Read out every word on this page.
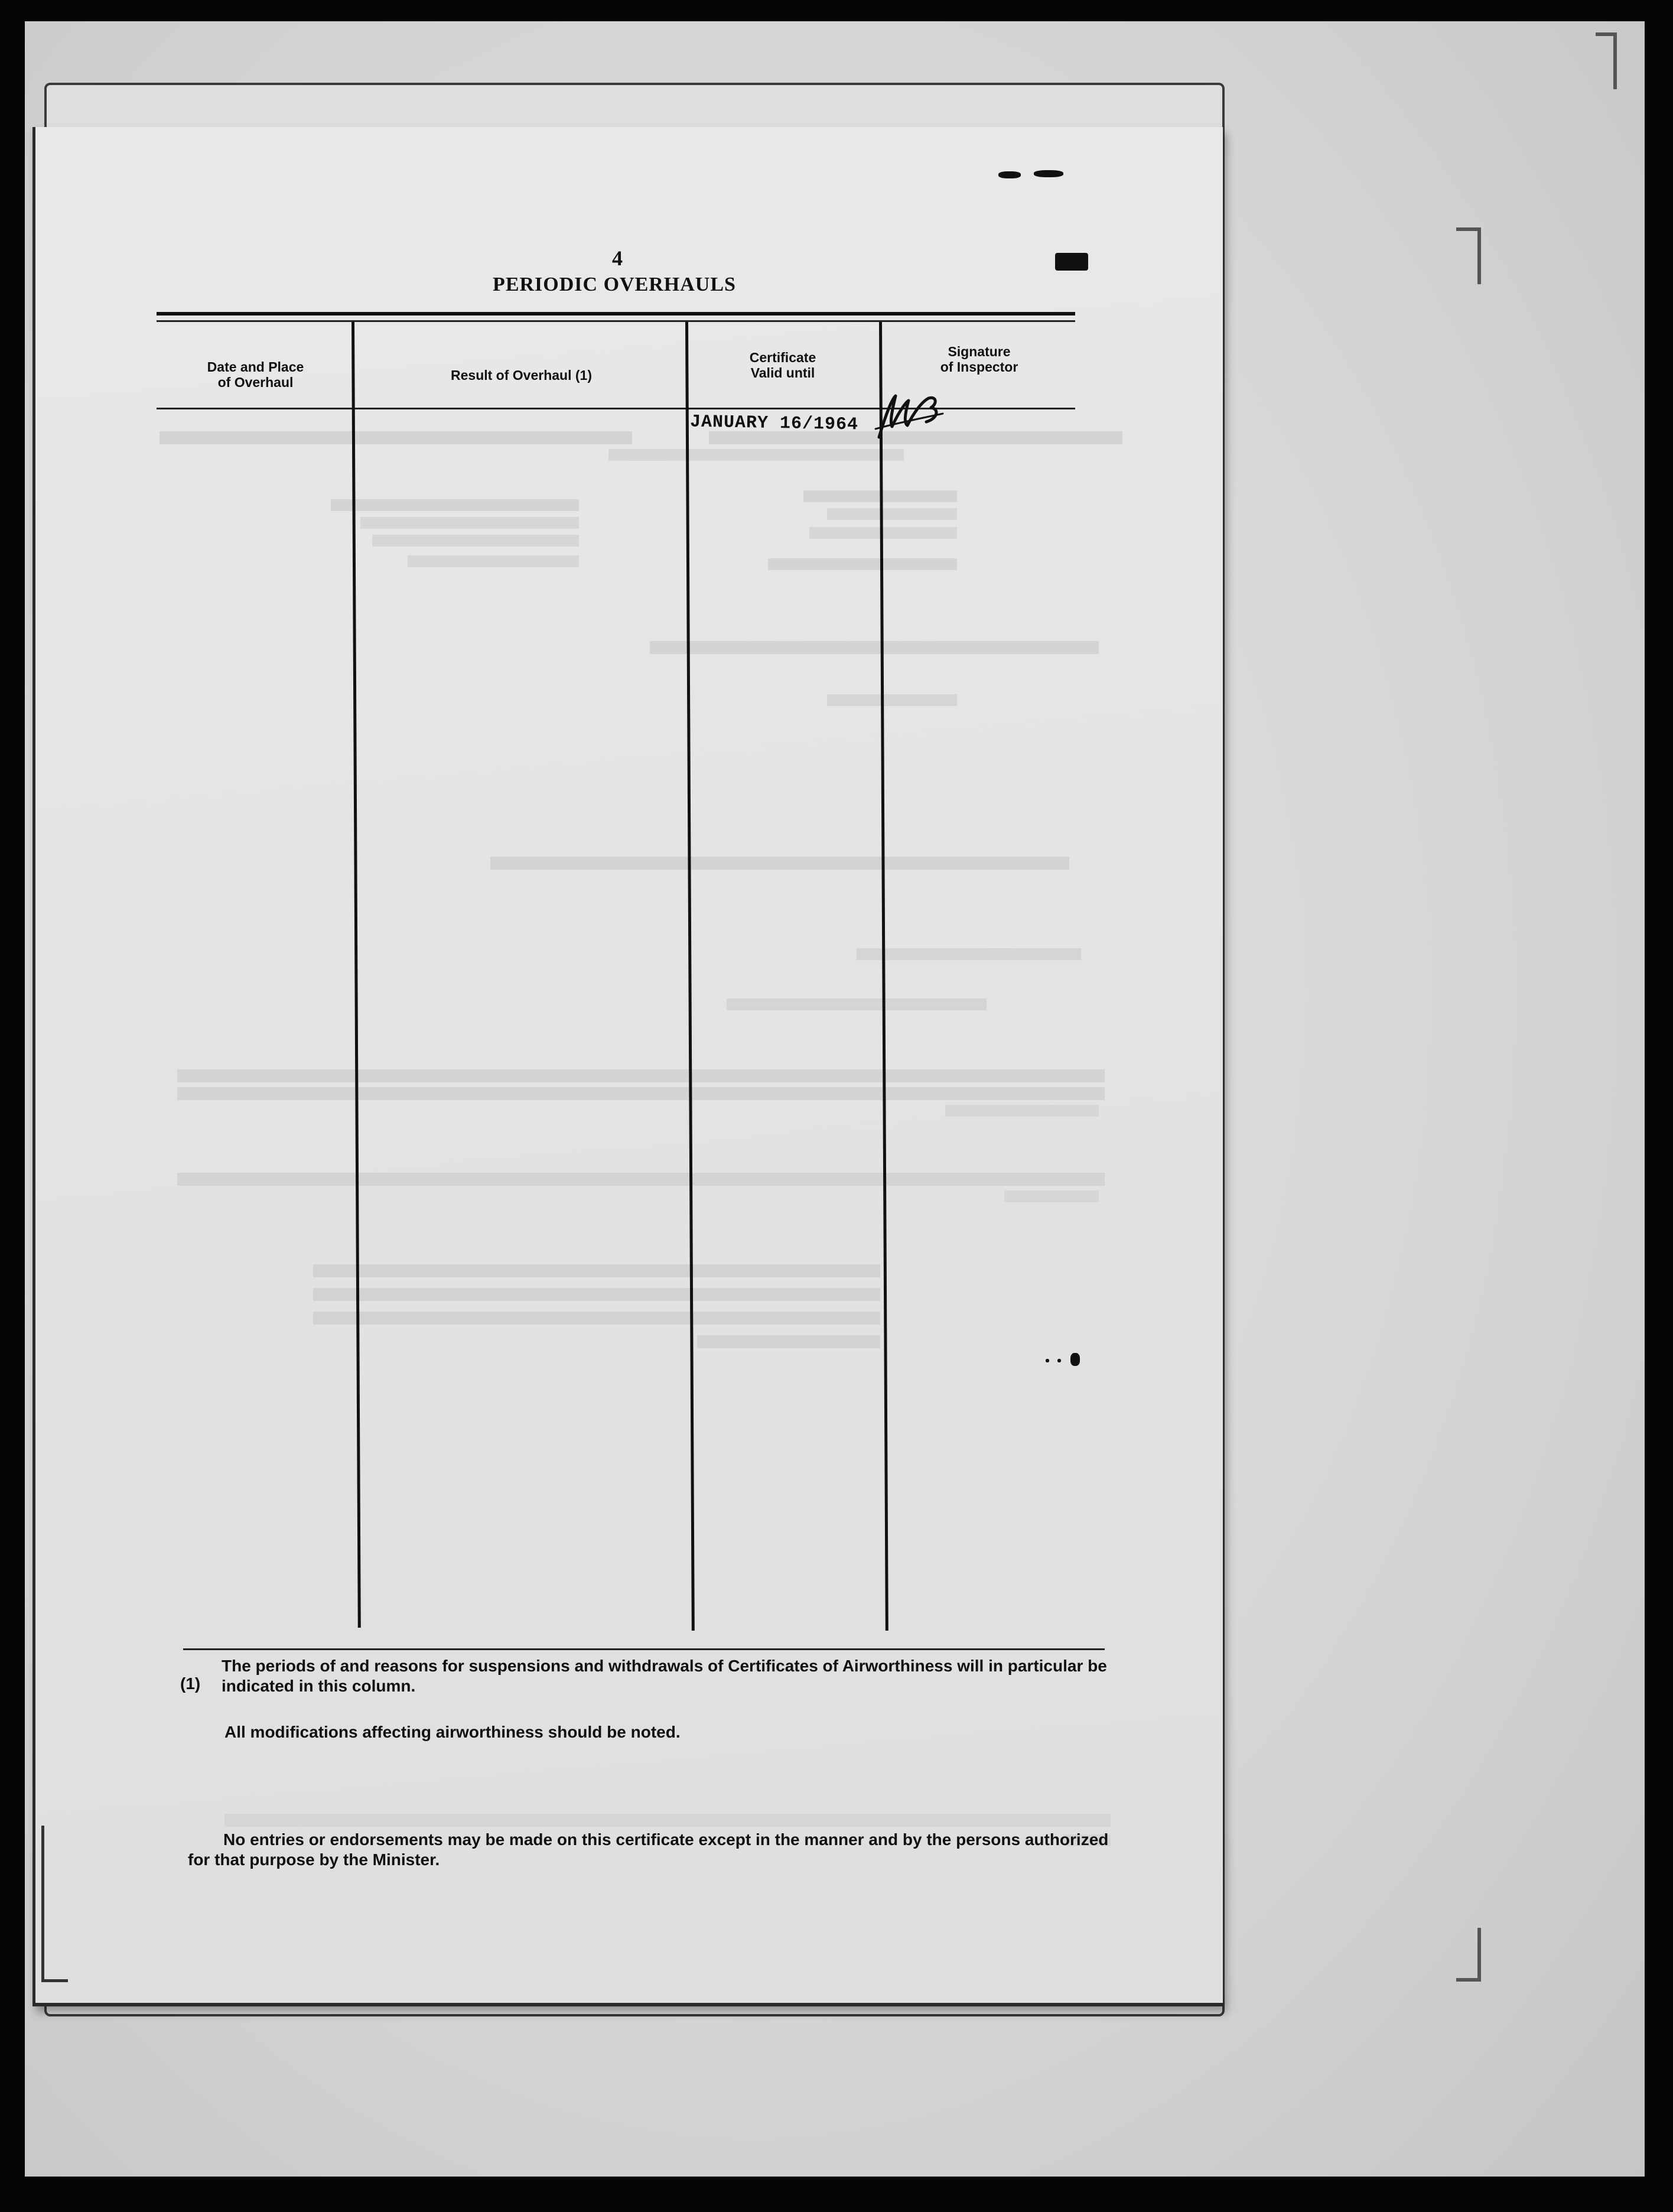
4
PERIODIC OVERHAULS
Date and Place
of Overhaul	Result of Overhaul (1)
Certificate
Valid until
Signature
of Inspector
JANUARY 16/1964
(1)
The periods of and reasons for suspensions and withdrawals of Certificates of Airworthiness will in particular be indicated in this column.
All modifications affecting airworthiness should be noted.
No entries or endorsements may be made on this certificate except in the manner and by the persons authorized for that purpose by the Minister.
